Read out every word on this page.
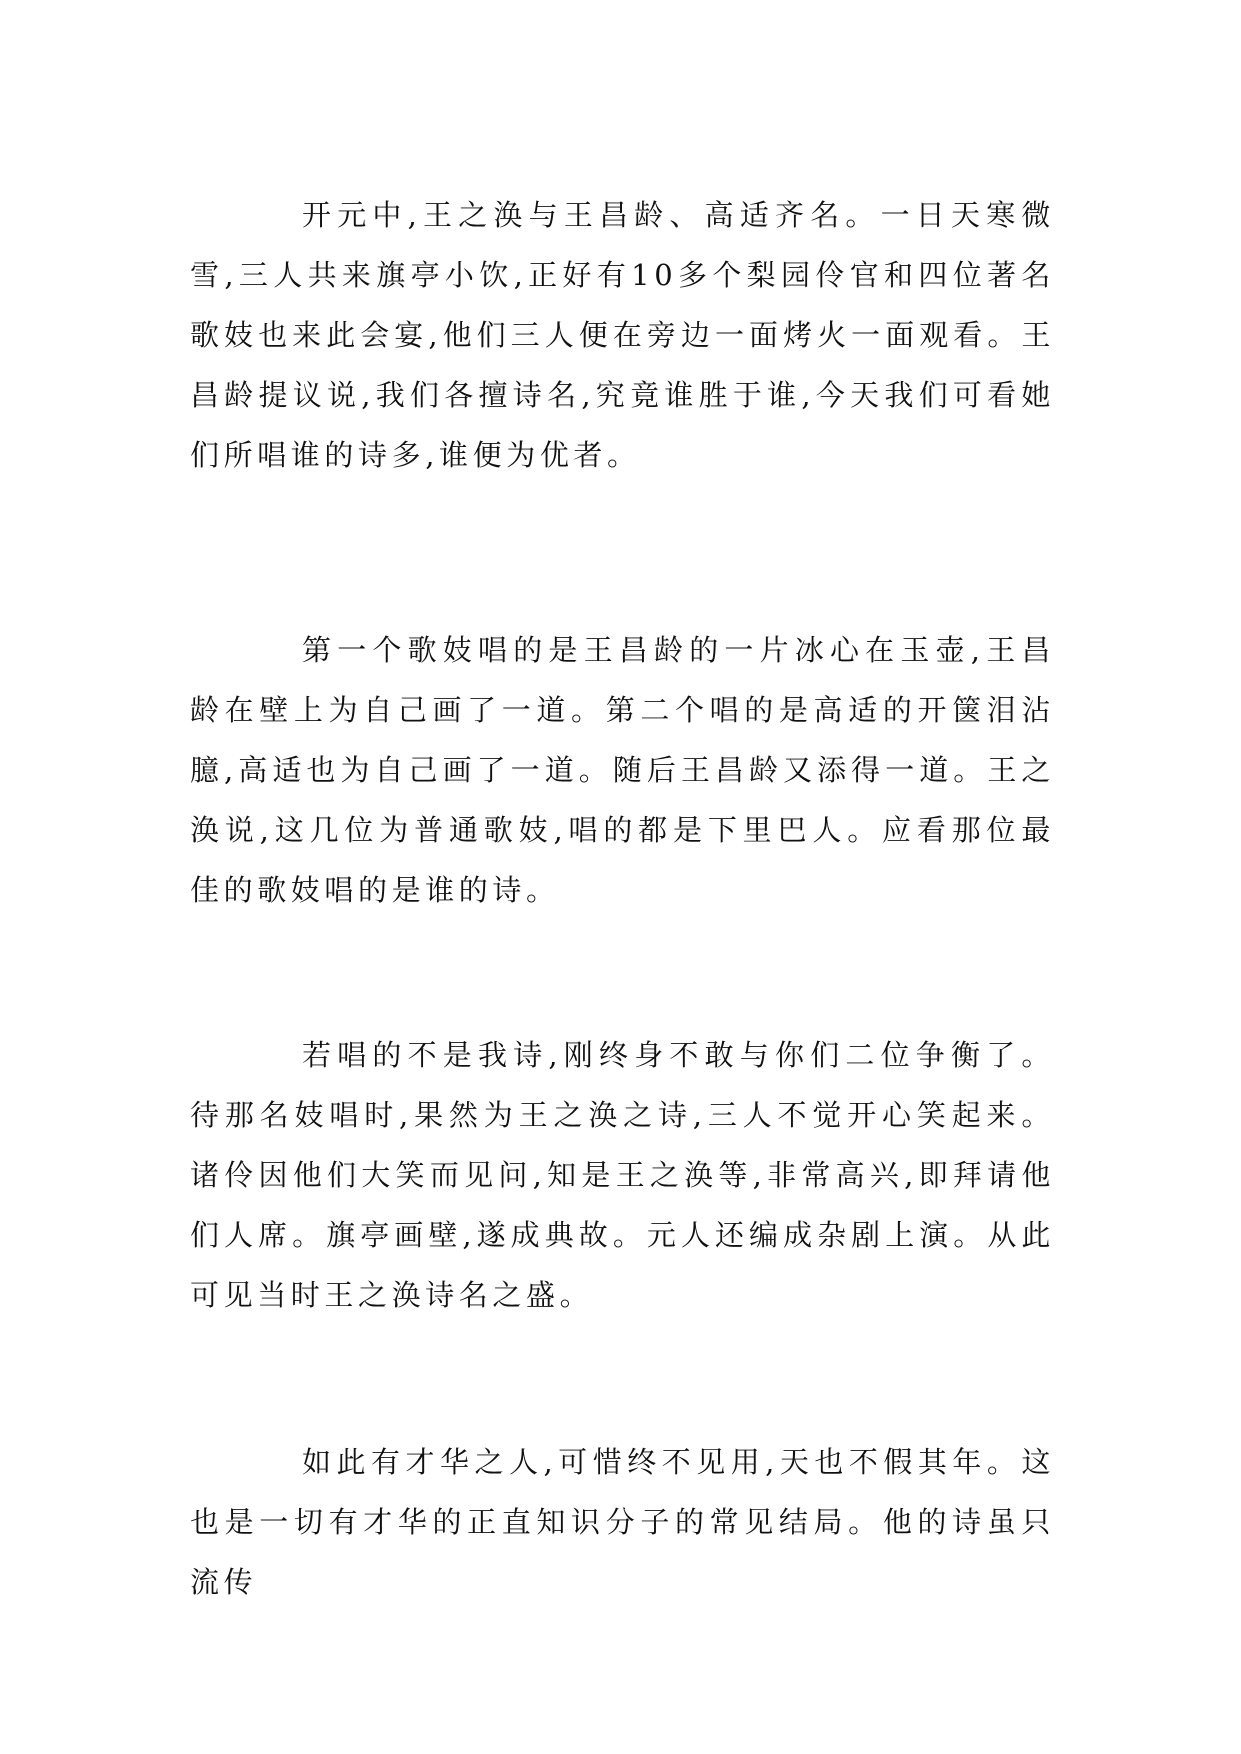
开元中,王之涣与王昌龄、高适齐名。一日天寒微雪,三人共来旗亭小饮,正好有10多个梨园伶官和四位著名歌妓也来此会宴,他们三人便在旁边一面烤火一面观看。王昌龄提议说,我们各擅诗名,究竟谁胜于谁,今天我们可看她们所唱谁的诗多,谁便为优者。

第一个歌妓唱的是王昌龄的一片冰心在玉壶,王昌龄在壁上为自己画了一道。第二个唱的是高适的开箧泪沾臆,高适也为自己画了一道。随后王昌龄又添得一道。王之涣说,这几位为普通歌妓,唱的都是下里巴人。应看那位最佳的歌妓唱的是谁的诗。

若唱的不是我诗,刚终身不敢与你们二位争衡了。待那名妓唱时,果然为王之涣之诗,三人不觉开心笑起来。诸伶因他们大笑而见问,知是王之涣等,非常高兴,即拜请他们人席。旗亭画壁,遂成典故。元人还编成杂剧上演。从此可见当时王之涣诗名之盛。

如此有才华之人,可惜终不见用,天也不假其年。这也是一切有才华的正直知识分子的常见结局。他的诗虽只流传
